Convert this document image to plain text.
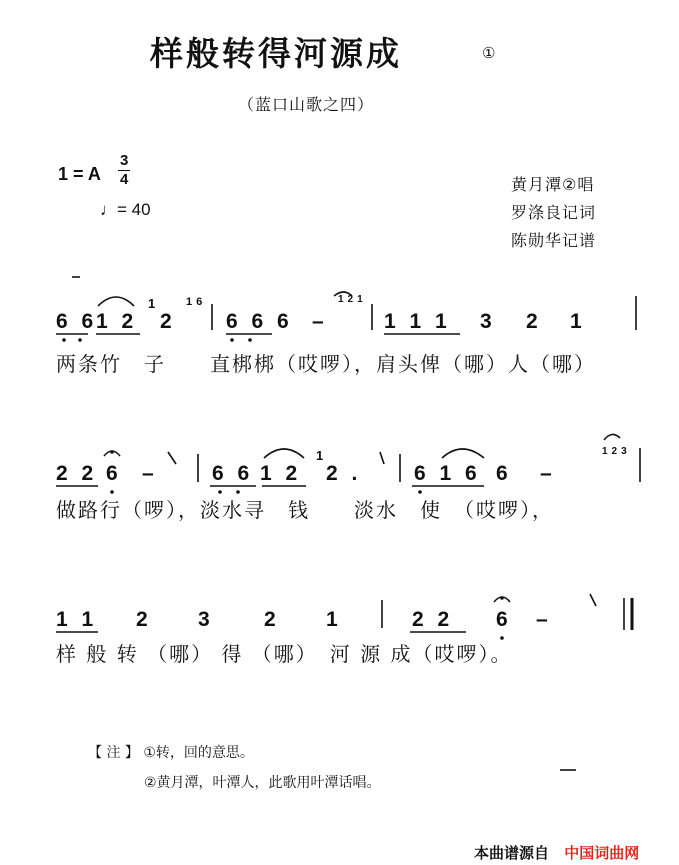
样般转得河源成	①
（蓝口山歌之四）
1 = A $\frac{3}{4}$
♩= 40
黄月潭②唱
罗涤良记词
陈勋华记谱
6 6
1 2
1
2
16
6 6 6 –
121
1 1 1 3 2 1
两条竹　子　　直梆梆（哎啰），肩头俾（哪）人（哪）
2 2 6 –	6 6 1 2
1
2 .	6 1 6 6 –
123
做路行（啰），淡水寻　钱　　淡水　使　（哎啰），
1 1 2 3 2 1	2 2 6 –
样 般 转 （哪） 得 （哪）　河 源 成（哎啰）。
【 注 】 ①转，回的意思。
②黄月潭，叶潭人，此歌用叶潭话唱。
本曲谱源自 中国词曲网
